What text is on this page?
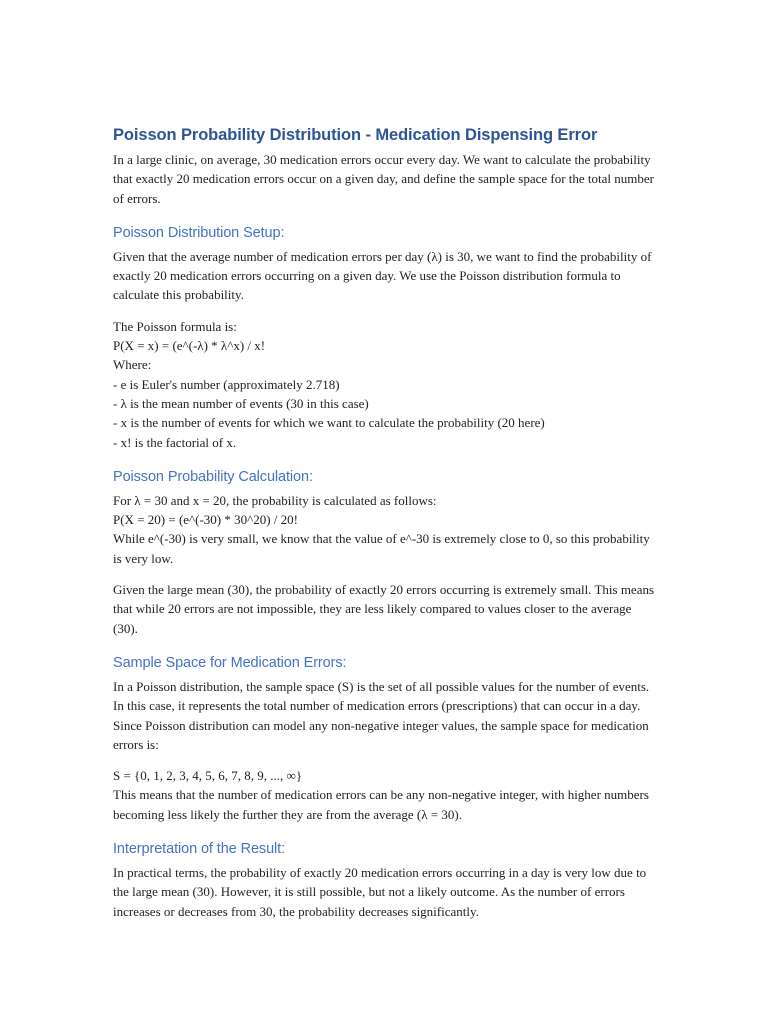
Poisson Probability Distribution - Medication Dispensing Error

In a large clinic, on average, 30 medication errors occur every day. We want to calculate the probability that exactly 20 medication errors occur on a given day, and define the sample space for the total number of errors.

Poisson Distribution Setup:

Given that the average number of medication errors per day (λ) is 30, we want to find the probability of exactly 20 medication errors occurring on a given day. We use the Poisson distribution formula to calculate this probability.

The Poisson formula is:
P(X = x) = (e^(-λ) * λ^x) / x!
Where:
- e is Euler's number (approximately 2.718)
- λ is the mean number of events (30 in this case)
- x is the number of events for which we want to calculate the probability (20 here)
- x! is the factorial of x.
Poisson Probability Calculation:
For λ = 30 and x = 20, the probability is calculated as follows:
P(X = 20) = (e^(-30) * 30^20) / 20!
While e^(-30) is very small, we know that the value of e^-30 is extremely close to 0, so this probability is very low.

Given the large mean (30), the probability of exactly 20 errors occurring is extremely small. This means that while 20 errors are not impossible, they are less likely compared to values closer to the average (30).

Sample Space for Medication Errors:

In a Poisson distribution, the sample space (S) is the set of all possible values for the number of events. In this case, it represents the total number of medication errors (prescriptions) that can occur in a day. Since Poisson distribution can model any non-negative integer values, the sample space for medication errors is:

S = {0, 1, 2, 3, 4, 5, 6, 7, 8, 9, ..., ∞}
This means that the number of medication errors can be any non-negative integer, with higher numbers becoming less likely the further they are from the average (λ = 30).
Interpretation of the Result:

In practical terms, the probability of exactly 20 medication errors occurring in a day is very low due to the large mean (30). However, it is still possible, but not a likely outcome. As the number of errors increases or decreases from 30, the probability decreases significantly.
